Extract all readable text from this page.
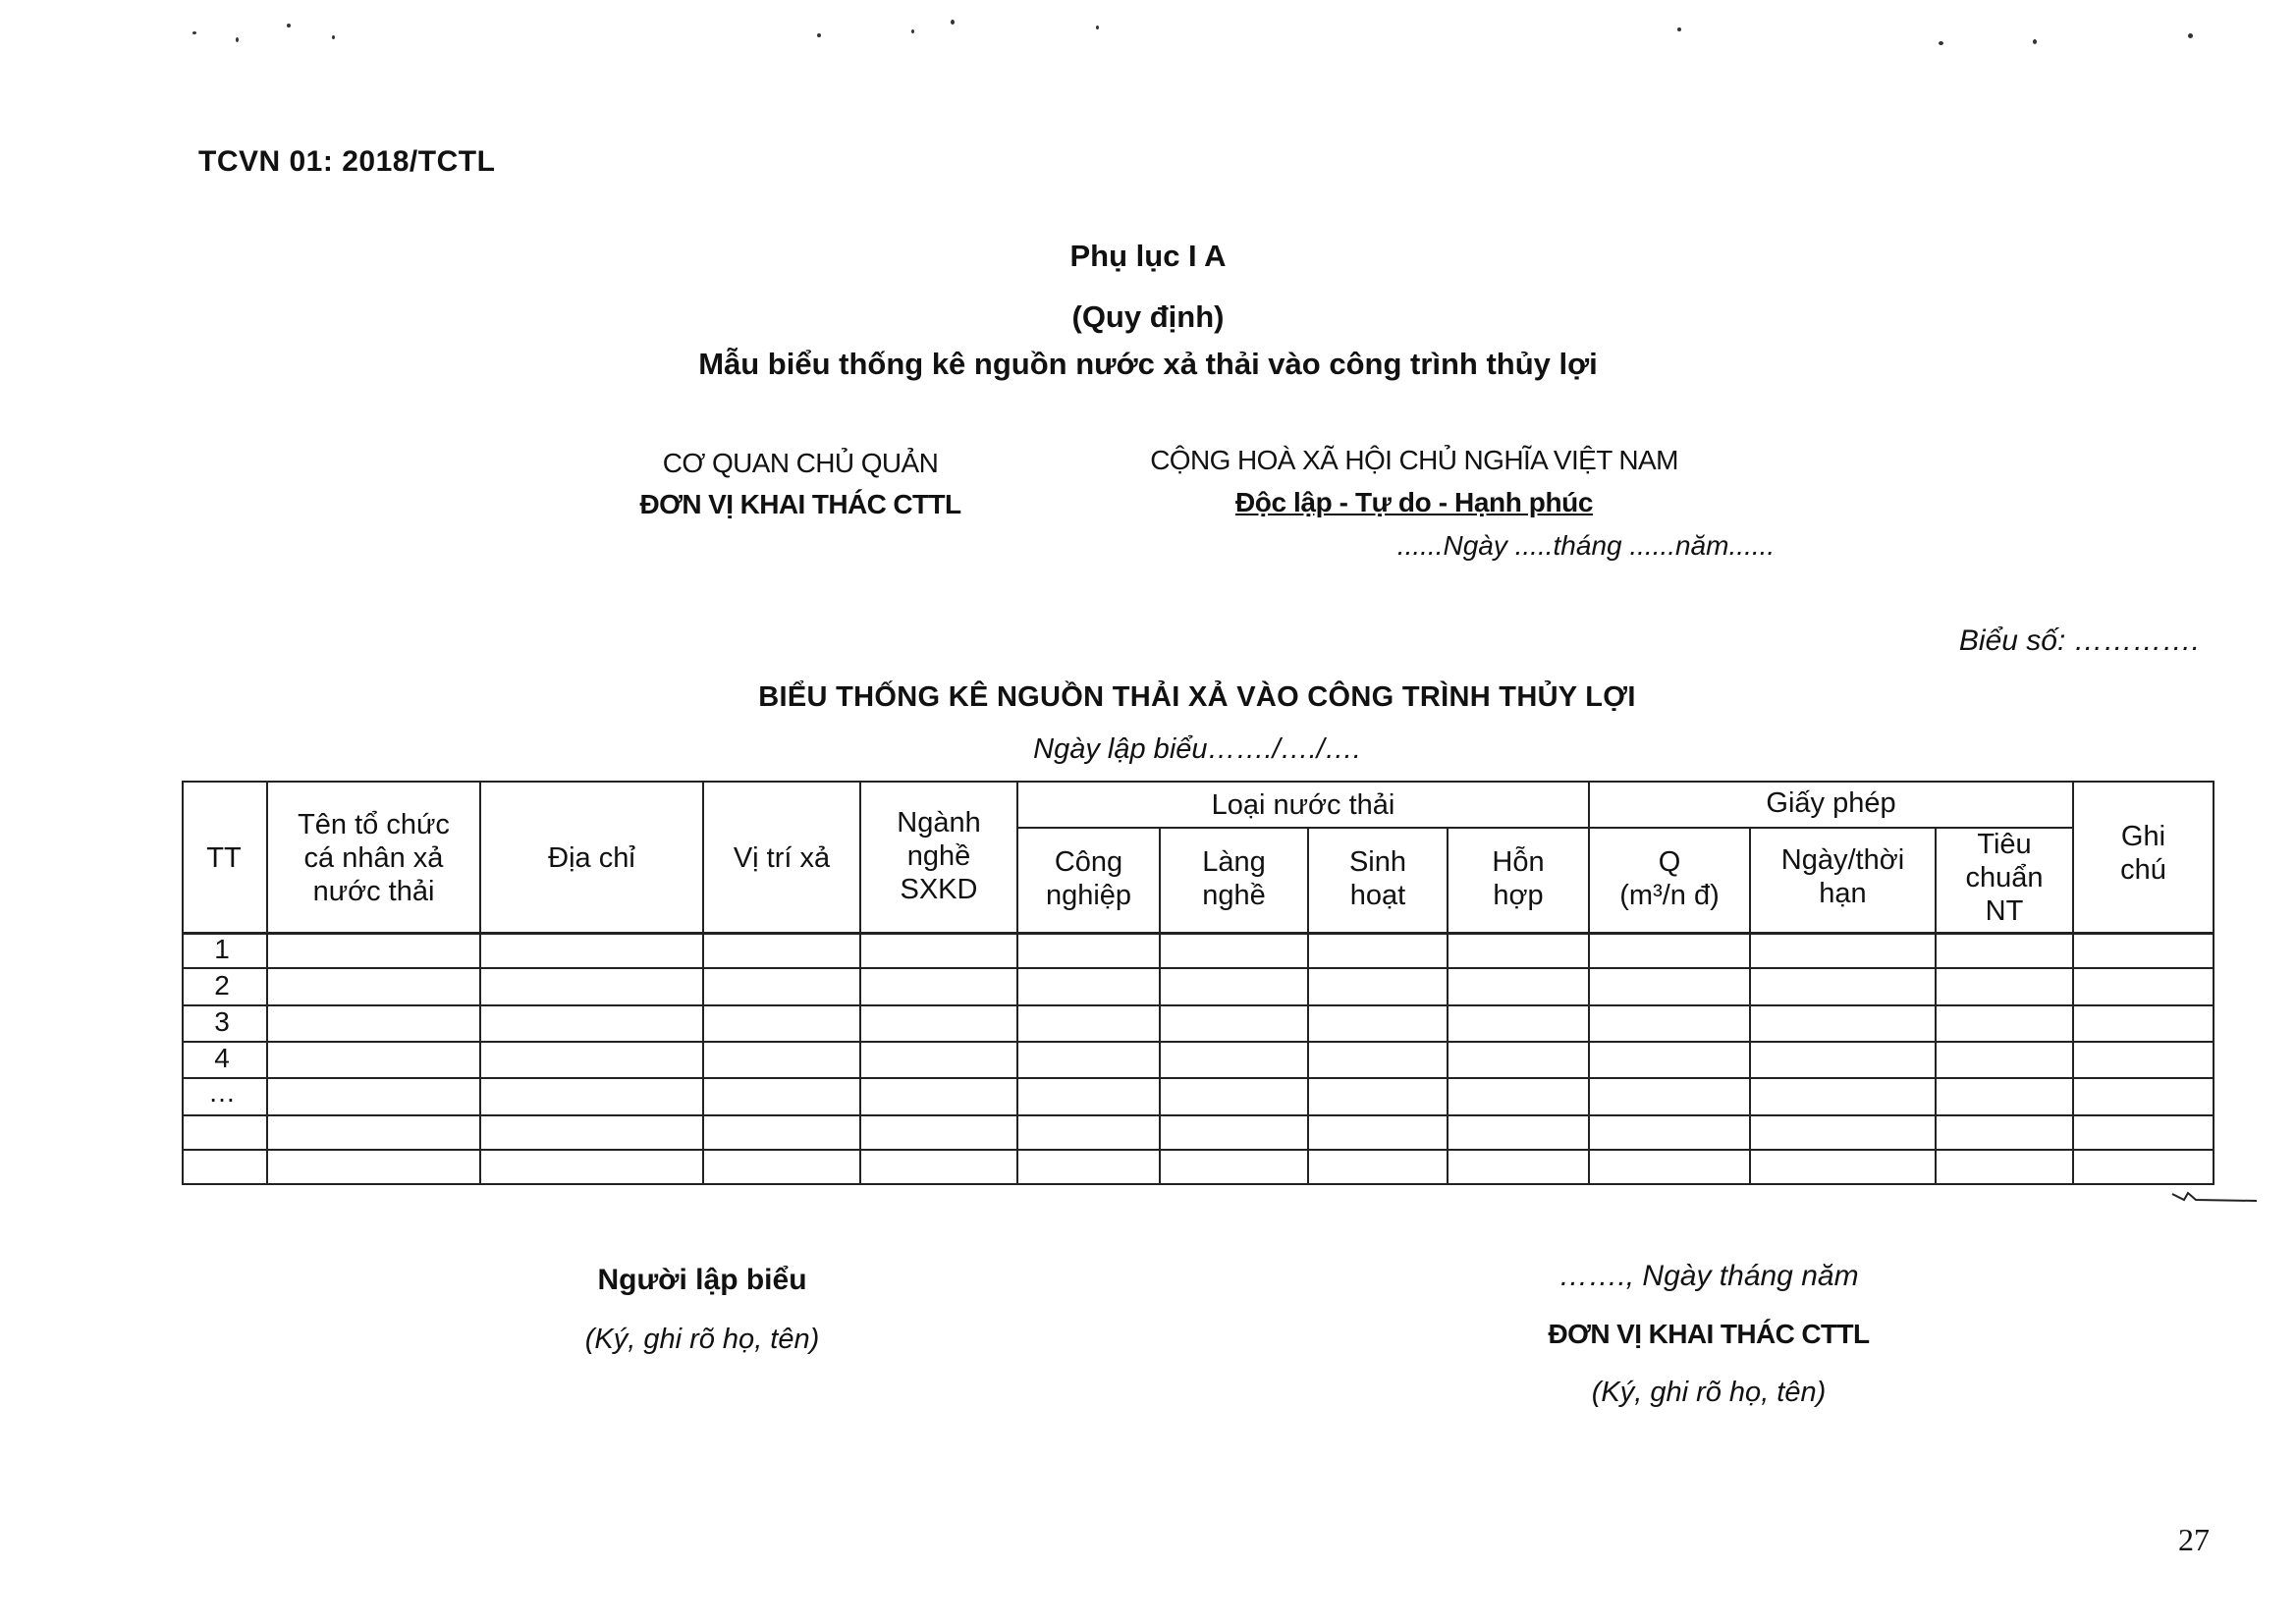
TCVN 01: 2018/TCTL
Phụ lục I A
(Quy định)
Mẫu biểu thống kê nguồn nước xả thải vào công trình thủy lợi
CƠ QUAN CHỦ QUẢN
ĐƠN VỊ KHAI THÁC CTTL
CỘNG HOÀ XÃ HỘI CHỦ NGHĨA VIỆT NAM
Độc lập - Tự do - Hạnh phúc
......Ngày .....tháng ......năm......
Biểu số: ………….
BIỂU THỐNG KÊ NGUỒN THẢI XẢ VÀO CÔNG TRÌNH THỦY LỢI
Ngày lập biểu……./…./….
TT
Tên tổ chức
cá nhân xả
nước thải
Địa chỉ	Vị trí xả
Ngành
nghề
SXKD
Loại nước thải
Công
nghiệp
Làng
nghề
Sinh
hoạt
Hỗn
hợp
Giấy phép
Q
(m³/n đ)
Ngày/thời
hạn
Tiêu
chuẩn
NT
Ghi
chú
1
2
3
4
…
Người lập biểu
(Ký, ghi rõ họ, tên)
……., Ngày tháng năm
ĐƠN VỊ KHAI THÁC CTTL
(Ký, ghi rõ họ, tên)
27
